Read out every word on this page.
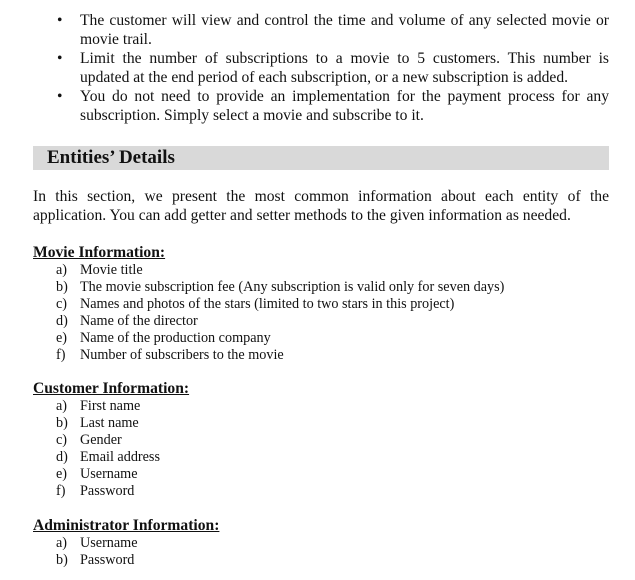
• The customer will view and control the time and volume of any selected movie or movie trail.
• Limit the number of subscriptions to a movie to 5 customers. This number is updated at the end period of each subscription, or a new subscription is added.
• You do not need to provide an implementation for the payment process for any subscription. Simply select a movie and subscribe to it.
Entities’ Details

In this section, we present the most common information about each entity of the application. You can add getter and setter methods to the given information as needed.

Movie Information:

a) Movie title
b) The movie subscription fee (Any subscription is valid only for seven days)
c) Names and photos of the stars (limited to two stars in this project)
d) Name of the director
e) Name of the production company
f) Number of subscribers to the movie

Customer Information:

a) First name
b) Last name
c) Gender
d) Email address
e) Username
f) Password

Administrator Information:

a) Username
b) Password
